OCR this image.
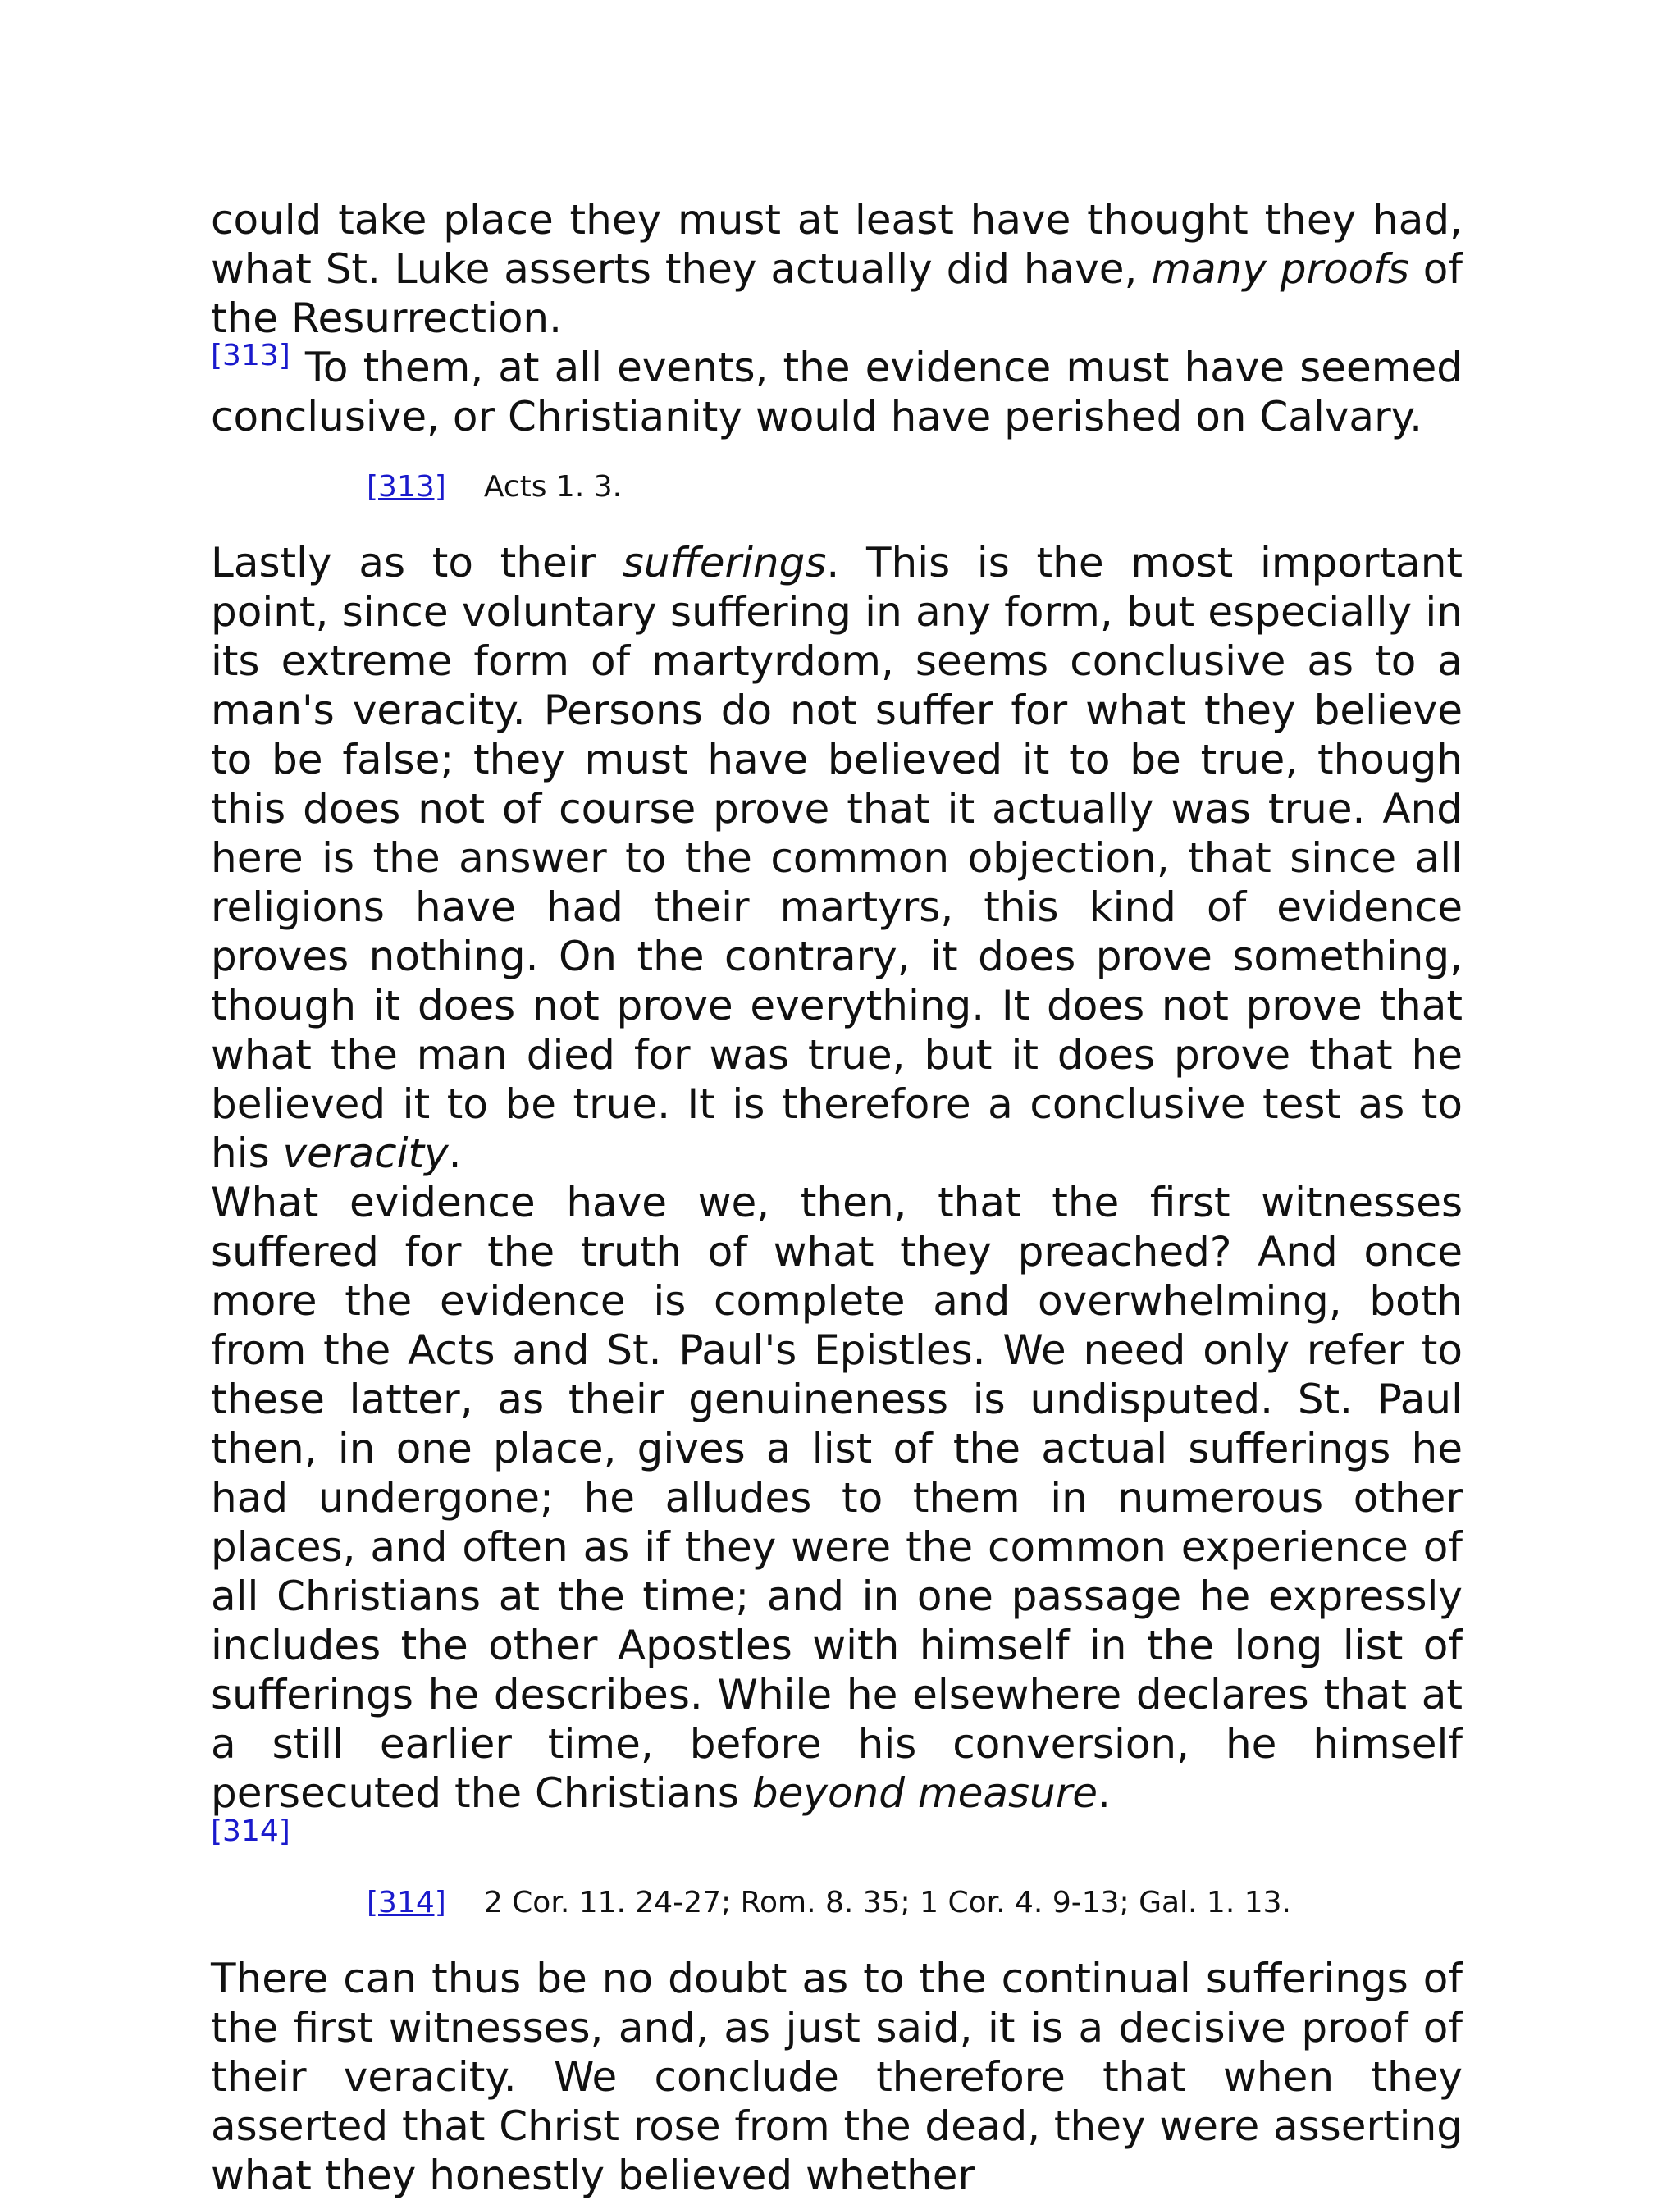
could take place they must at least have thought they had, what St. Luke asserts they actually did have, many proofs of the Resurrection.
[313] To them, at all events, the evidence must have seemed conclusive, or Christianity would have perished on Calvary.

[313] Acts 1. 3.

Lastly as to their sufferings. This is the most important point, since voluntary suffering in any form, but especially in its extreme form of martyrdom, seems conclusive as to a man's veracity. Persons do not suffer for what they believe to be false; they must have believed it to be true, though this does not of course prove that it actually was true. And here is the answer to the common objection, that since all religions have had their martyrs, this kind of evidence proves nothing. On the contrary, it does prove something, though it does not prove everything. It does not prove that what the man died for was true, but it does prove that he believed it to be true. It is therefore a conclusive test as to his veracity.

What evidence have we, then, that the first witnesses suffered for the truth of what they preached? And once more the evidence is complete and overwhelming, both from the Acts and St. Paul's Epistles. We need only refer to these latter, as their genuineness is undisputed. St. Paul then, in one place, gives a list of the actual sufferings he had undergone; he alludes to them in numerous other places, and often as if they were the common experience of all Christians at the time; and in one passage he expressly includes the other Apostles with himself in the long list of sufferings he describes. While he elsewhere declares that at a still earlier time, before his conversion, he himself persecuted the Christians beyond measure.
[314]

[314] 2 Cor. 11. 24-27; Rom. 8. 35; 1 Cor. 4. 9-13; Gal. 1. 13.

There can thus be no doubt as to the continual sufferings of the first witnesses, and, as just said, it is a decisive proof of their veracity. We conclude therefore that when they asserted that Christ rose from the dead, they were asserting what they honestly believed whether
